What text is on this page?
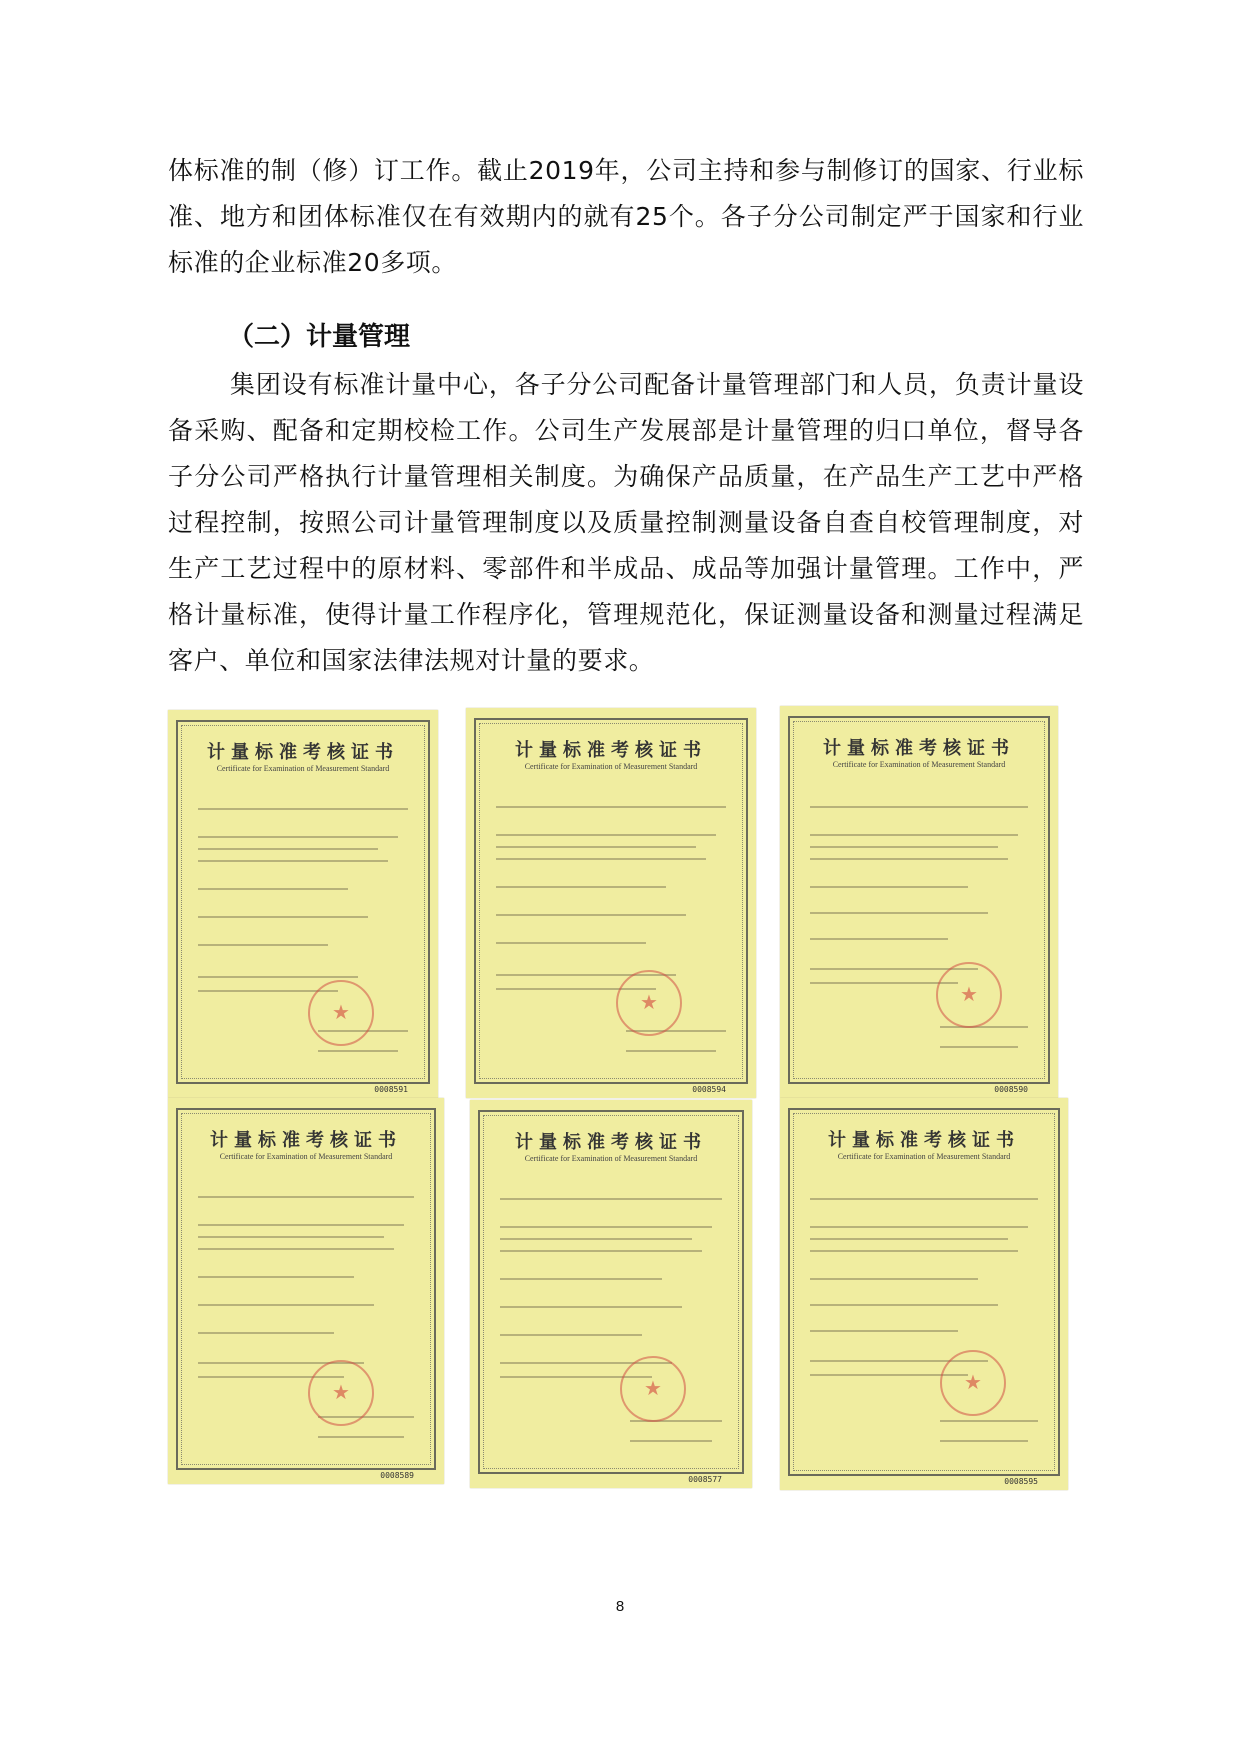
体标准的制（修）订工作。截止2019年，公司主持和参与制修订的国家、行业标准、地方和团体标准仅在有效期内的就有25个。各子分公司制定严于国家和行业标准的企业标准20多项。

（二）计量管理

集团设有标准计量中心，各子分公司配备计量管理部门和人员，负责计量设备采购、配备和定期校检工作。公司生产发展部是计量管理的归口单位，督导各子分公司严格执行计量管理相关制度。为确保产品质量，在产品生产工艺中严格过程控制，按照公司计量管理制度以及质量控制测量设备自查自校管理制度，对生产工艺过程中的原材料、零部件和半成品、成品等加强计量管理。工作中，严格计量标准，使得计量工作程序化，管理规范化，保证测量设备和测量过程满足客户、单位和国家法律法规对计量的要求。

计量标准考核证书
Certificate for Examination of Measurement Standard
★
0008591
计量标准考核证书
Certificate for Examination of Measurement Standard
★
0008594
计量标准考核证书
Certificate for Examination of Measurement Standard
★
0008590
计量标准考核证书
Certificate for Examination of Measurement Standard
★
0008589
计量标准考核证书
Certificate for Examination of Measurement Standard
★
0008577
计量标准考核证书
Certificate for Examination of Measurement Standard
★
0008595
8
